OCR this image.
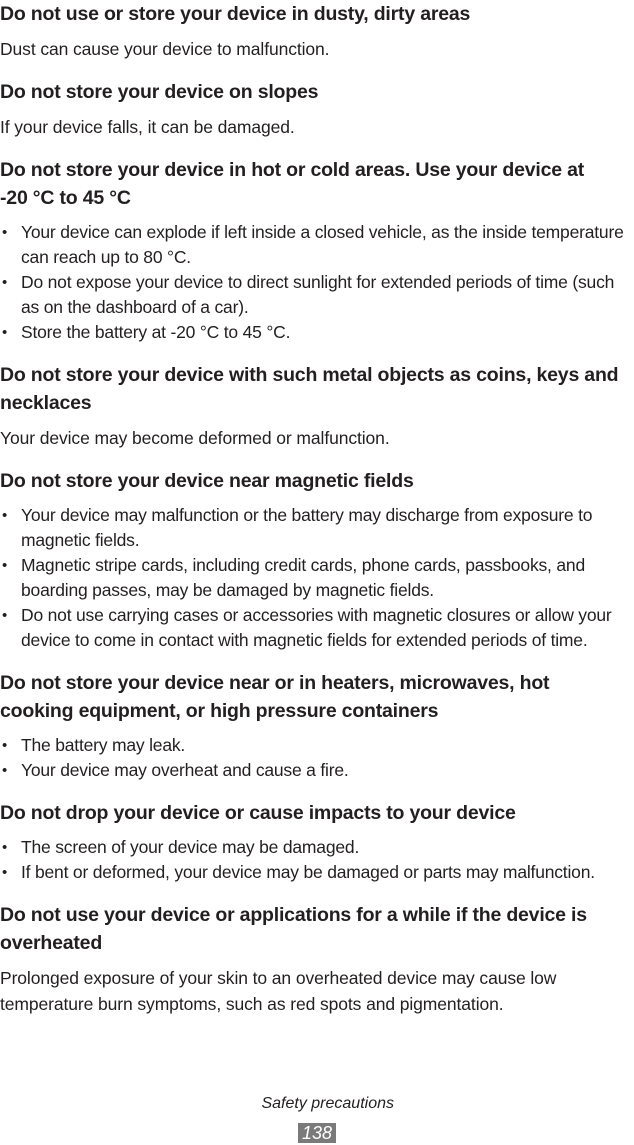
Do not use or store your device in dusty, dirty areas

Dust can cause your device to malfunction.

Do not store your device on slopes

If your device falls, it can be damaged.

Do not store your device in hot or cold areas. Use your device at -20 °C to 45 °C

• Your device can explode if left inside a closed vehicle, as the inside temperature can reach up to 80 °C.
• Do not expose your device to direct sunlight for extended periods of time (such as on the dashboard of a car).
• Store the battery at -20 °C to 45 °C.

Do not store your device with such metal objects as coins, keys and necklaces

Your device may become deformed or malfunction.

Do not store your device near magnetic fields

• Your device may malfunction or the battery may discharge from exposure to magnetic fields.
• Magnetic stripe cards, including credit cards, phone cards, passbooks, and boarding passes, may be damaged by magnetic fields.
• Do not use carrying cases or accessories with magnetic closures or allow your device to come in contact with magnetic fields for extended periods of time.

Do not store your device near or in heaters, microwaves, hot cooking equipment, or high pressure containers

• The battery may leak.
• Your device may overheat and cause a fire.

Do not drop your device or cause impacts to your device

• The screen of your device may be damaged.
• If bent or deformed, your device may be damaged or parts may malfunction.

Do not use your device or applications for a while if the device is overheated

Prolonged exposure of your skin to an overheated device may cause low temperature burn symptoms, such as red spots and pigmentation.

Safety precautions
138
